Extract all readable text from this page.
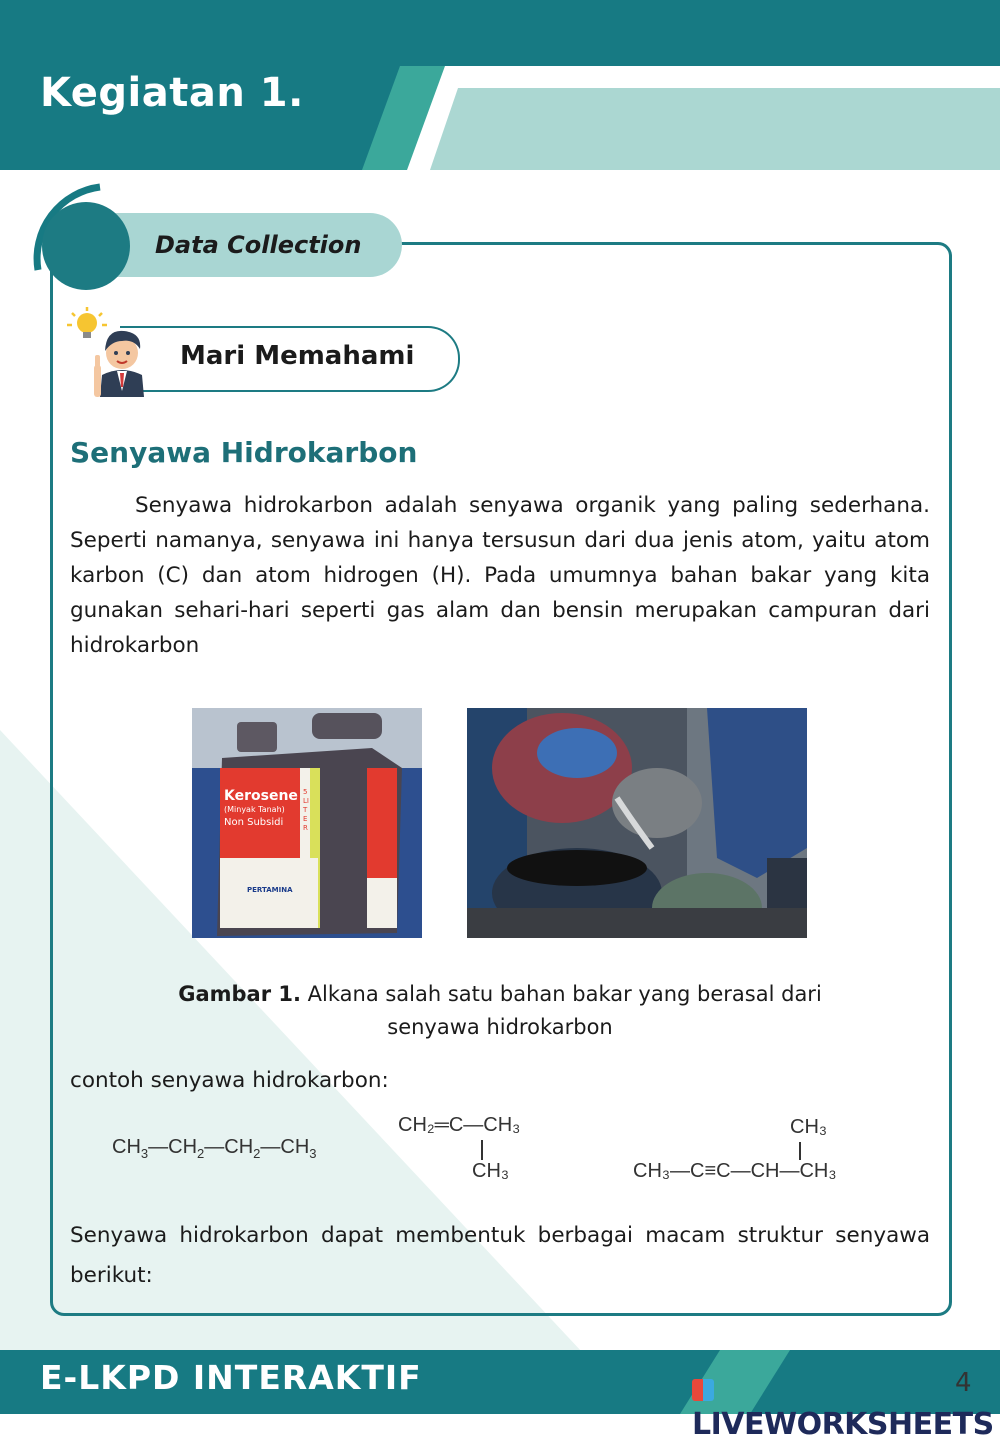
Kegiatan 1.
Data Collection
Mari Memahami
Senyawa Hidrokarbon
Senyawa hidrokarbon adalah senyawa organik yang paling sederhana. Seperti namanya, senyawa ini hanya tersusun dari dua jenis atom, yaitu atom karbon (C) dan atom hidrogen (H). Pada umumnya bahan bakar yang kita gunakan sehari-hari seperti gas alam dan bensin merupakan campuran dari hidrokarbon
Kerosene
(Minyak Tanah)
Non Subsidi
5 LITER
PERTAMINA
Gambar 1. Alkana salah satu bahan bakar yang berasal dari
senyawa hidrokarbon
contoh senyawa hidrokarbon:
$CH_3—CH_2—CH_2—CH_3$
CH₂═C—CH₃
CH₃
CH₃
CH₃—C≡C—CH—CH₃
Senyawa hidrokarbon dapat membentuk berbagai macam struktur senyawa berikut:
E-LKPD INTERAKTIF
LIVEWORKSHEETS
4
